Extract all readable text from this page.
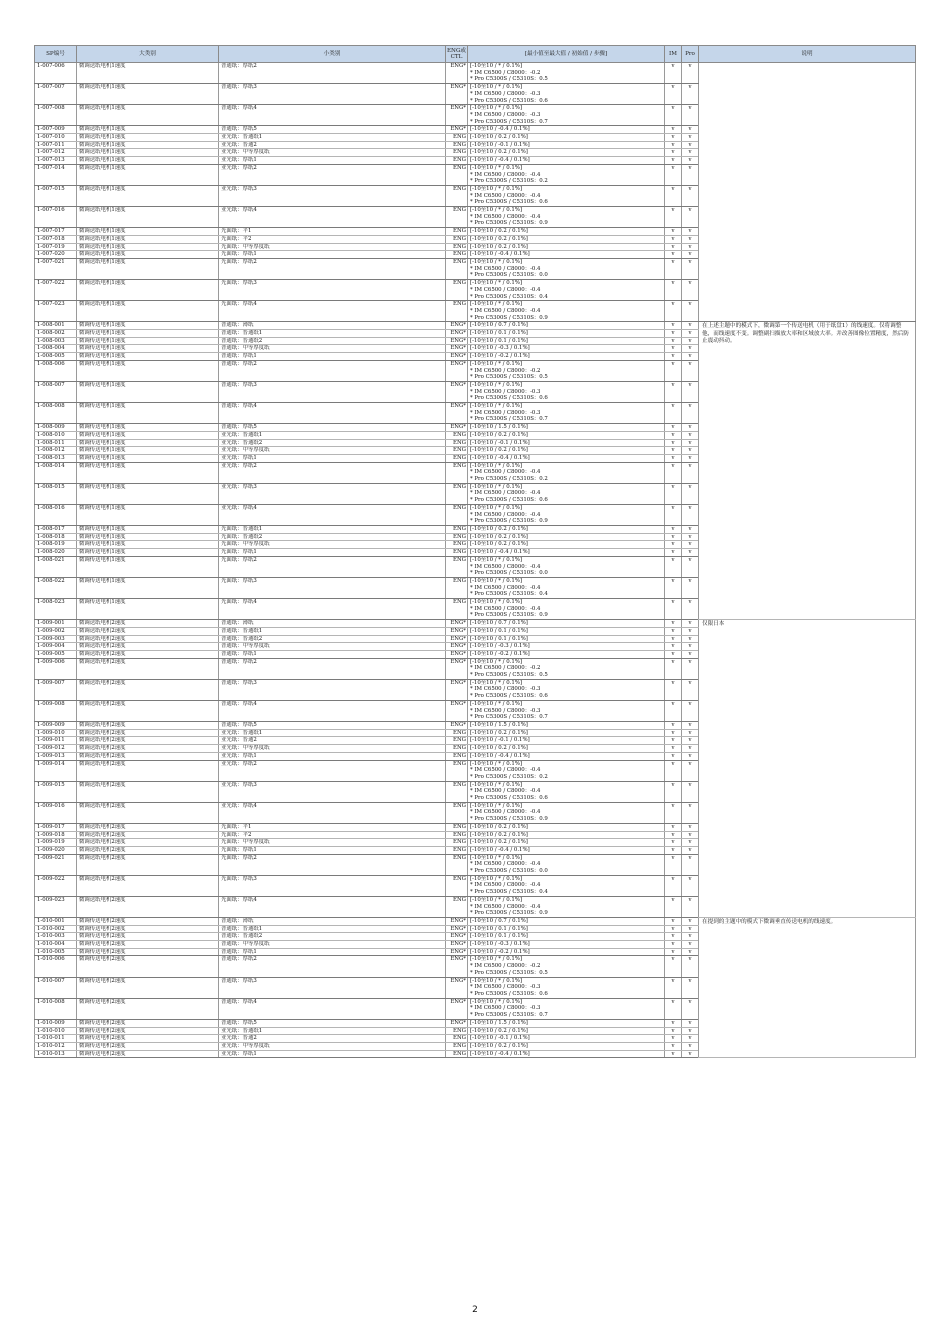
SP编号	大类别	小类别	ENG或CTL	[最小值至最大值 / 初始值 / 步骤]	IM	Pro	说明
1-007-006	微调送纸电机1速度	普通纸：厚纸2	ENG*	[-10至10 / * / 0.1%]
* IM C6500 / C8000：-0.2
* Pro C5300S / C5310S：0.5	v	v	
1-007-007	微调送纸电机1速度	普通纸：厚纸3	ENG*	[-10至10 / * / 0.1%]
* IM C6500 / C8000：-0.3
* Pro C5300S / C5310S：0.6	v	v	
1-007-008	微调送纸电机1速度	普通纸：厚纸4	ENG*	[-10至10 / * / 0.1%]
* IM C6500 / C8000：-0.3
* Pro C5300S / C5310S：0.7	v	v	
1-007-009	微调送纸电机1速度	普通纸：厚纸5	ENG*	[-10至10 / -0.4 / 0.1%]	v	v	
1-007-010	微调送纸电机1速度	亚光纸：普通纸1	ENG	[-10至10 / 0.2 / 0.1%]	v	v	
1-007-011	微调送纸电机1速度	亚光纸：普通2	ENG	[-10至10 / -0.1 / 0.1%]	v	v	
1-007-012	微调送纸电机1速度	亚光纸：中等厚度纸	ENG	[-10至10 / 0.2 / 0.1%]	v	v	
1-007-013	微调送纸电机1速度	亚光纸：厚纸1	ENG	[-10至10 / -0.4 / 0.1%]	v	v	
1-007-014	微调送纸电机1速度	亚光纸：厚纸2	ENG	[-10至10 / * / 0.1%]
* IM C6500 / C8000：-0.4
* Pro C5300S / C5310S：0.2	v	v	
1-007-015	微调送纸电机1速度	亚光纸：厚纸3	ENG	[-10至10 / * / 0.1%]
* IM C6500 / C8000：-0.4
* Pro C5300S / C5310S：0.6	v	v	
1-007-016	微调送纸电机1速度	亚光纸：厚纸4	ENG	[-10至10 / * / 0.1%]
* IM C6500 / C8000：-0.4
* Pro C5300S / C5310S：0.9	v	v	
1-007-017	微调送纸电机1速度	光面纸：平1	ENG	[-10至10 / 0.2 / 0.1%]	v	v	
1-007-018	微调送纸电机1速度	光面纸：平2	ENG	[-10至10 / 0.2 / 0.1%]	v	v	
1-007-019	微调送纸电机1速度	光面纸：中等厚度纸	ENG	[-10至10 / 0.2 / 0.1%]	v	v	
1-007-020	微调送纸电机1速度	光面纸：厚纸1	ENG	[-10至10 / -0.4 / 0.1%]	v	v	
1-007-021	微调送纸电机1速度	光面纸：厚纸2	ENG	[-10至10 / * / 0.1%]
* IM C6500 / C8000：-0.4
* Pro C5300S / C5310S：0.0	v	v	
1-007-022	微调送纸电机1速度	光面纸：厚纸3	ENG	[-10至10 / * / 0.1%]
* IM C6500 / C8000：-0.4
* Pro C5300S / C5310S：0.4	v	v	
1-007-023	微调送纸电机1速度	光面纸：厚纸4	ENG	[-10至10 / * / 0.1%]
* IM C6500 / C8000：-0.4
* Pro C5300S / C5310S：0.9	v	v	
1-008-001	微调传送电机1速度	普通纸：薄纸	ENG*	[-10至10 / 0.7 / 0.1%]	v	v	在上述主题中的模式下，微调第一个传送电机（用于纸盘1）的线速度。仅将调整他，而线速度不变。调整副扫描放大率和区域放大率。并改善图像位置精度，然后防止震动抖动。
1-008-002	微调传送电机1速度	普通纸：普通纸1	ENG*	[-10至10 / 0.1 / 0.1%]	v	v	
1-008-003	微调传送电机1速度	普通纸：普通纸2	ENG*	[-10至10 / 0.1 / 0.1%]	v	v	
1-008-004	微调传送电机1速度	普通纸：中等厚度纸	ENG*	[-10至10 / -0.3 / 0.1%]	v	v	
1-008-005	微调传送电机1速度	普通纸：厚纸1	ENG*	[-10至10 / -0.2 / 0.1%]	v	v	
1-008-006	微调传送电机1速度	普通纸：厚纸2	ENG*	[-10至10 / * / 0.1%]
* IM C6500 / C8000：-0.2
* Pro C5300S / C5310S：0.5	v	v	
1-008-007	微调传送电机1速度	普通纸：厚纸3	ENG*	[-10至10 / * / 0.1%]
* IM C6500 / C8000：-0.3
* Pro C5300S / C5310S：0.6	v	v	
1-008-008	微调传送电机1速度	普通纸：厚纸4	ENG*	[-10至10 / * / 0.1%]
* IM C6500 / C8000：-0.3
* Pro C5300S / C5310S：0.7	v	v	
1-008-009	微调传送电机1速度	普通纸：厚纸5	ENG*	[-10至10 / 1.5 / 0.1%]	v	v	
1-008-010	微调传送电机1速度	亚光纸：普通纸1	ENG	[-10至10 / 0.2 / 0.1%]	v	v	
1-008-011	微调传送电机1速度	亚光纸：普通纸2	ENG	[-10至10 / -0.1 / 0.1%]	v	v	
1-008-012	微调传送电机1速度	亚光纸：中等厚度纸	ENG	[-10至10 / 0.2 / 0.1%]	v	v	
1-008-013	微调传送电机1速度	亚光纸：厚纸1	ENG	[-10至10 / -0.4 / 0.1%]	v	v	
1-008-014	微调传送电机1速度	亚光纸：厚纸2	ENG	[-10至10 / * / 0.1%]
* IM C6500 / C8000：-0.4
* Pro C5300S / C5310S：0.2	v	v	
1-008-015	微调传送电机1速度	亚光纸：厚纸3	ENG	[-10至10 / * / 0.1%]
* IM C6500 / C8000：-0.4
* Pro C5300S / C5310S：0.6	v	v	
1-008-016	微调传送电机1速度	亚光纸：厚纸4	ENG	[-10至10 / * / 0.1%]
* IM C6500 / C8000：-0.4
* Pro C5300S / C5310S：0.9	v	v	
1-008-017	微调传送电机1速度	光面纸：普通纸1	ENG	[-10至10 / 0.2 / 0.1%]	v	v	
1-008-018	微调传送电机1速度	光面纸：普通纸2	ENG	[-10至10 / 0.2 / 0.1%]	v	v	
1-008-019	微调传送电机1速度	光面纸：中等厚度纸	ENG	[-10至10 / 0.2 / 0.1%]	v	v	
1-008-020	微调传送电机1速度	光面纸：厚纸1	ENG	[-10至10 / -0.4 / 0.1%]	v	v	
1-008-021	微调传送电机1速度	光面纸：厚纸2	ENG	[-10至10 / * / 0.1%]
* IM C6500 / C8000：-0.4
* Pro C5300S / C5310S：0.0	v	v	
1-008-022	微调传送电机1速度	光面纸：厚纸3	ENG	[-10至10 / * / 0.1%]
* IM C6500 / C8000：-0.4
* Pro C5300S / C5310S：0.4	v	v	
1-008-023	微调传送电机1速度	光面纸：厚纸4	ENG	[-10至10 / * / 0.1%]
* IM C6500 / C8000：-0.4
* Pro C5300S / C5310S：0.9	v	v	
1-009-001	微调送纸电机2速度	普通纸：薄纸	ENG*	[-10至10 / 0.7 / 0.1%]	v	v	仅限日本
1-009-002	微调送纸电机2速度	普通纸：普通纸1	ENG*	[-10至10 / 0.1 / 0.1%]	v	v	
1-009-003	微调送纸电机2速度	普通纸：普通纸2	ENG*	[-10至10 / 0.1 / 0.1%]	v	v	
1-009-004	微调送纸电机2速度	普通纸：中等厚度纸	ENG*	[-10至10 / -0.3 / 0.1%]	v	v	
1-009-005	微调送纸电机2速度	普通纸：厚纸1	ENG*	[-10至10 / -0.2 / 0.1%]	v	v	
1-009-006	微调送纸电机2速度	普通纸：厚纸2	ENG*	[-10至10 / * / 0.1%]
* IM C6500 / C8000：-0.2
* Pro C5300S / C5310S：0.5	v	v	
1-009-007	微调送纸电机2速度	普通纸：厚纸3	ENG*	[-10至10 / * / 0.1%]
* IM C6500 / C8000：-0.3
* Pro C5300S / C5310S：0.6	v	v	
1-009-008	微调送纸电机2速度	普通纸：厚纸4	ENG*	[-10至10 / * / 0.1%]
* IM C6500 / C8000：-0.3
* Pro C5300S / C5310S：0.7	v	v	
1-009-009	微调送纸电机2速度	普通纸：厚纸5	ENG*	[-10至10 / 1.5 / 0.1%]	v	v	
1-009-010	微调送纸电机2速度	亚光纸：普通纸1	ENG	[-10至10 / 0.2 / 0.1%]	v	v	
1-009-011	微调送纸电机2速度	亚光纸：普通2	ENG	[-10至10 / -0.1 / 0.1%]	v	v	
1-009-012	微调送纸电机2速度	亚光纸：中等厚度纸	ENG	[-10至10 / 0.2 / 0.1%]	v	v	
1-009-013	微调送纸电机2速度	亚光纸：厚纸1	ENG	[-10至10 / -0.4 / 0.1%]	v	v	
1-009-014	微调送纸电机2速度	亚光纸：厚纸2	ENG	[-10至10 / * / 0.1%]
* IM C6500 / C8000：-0.4
* Pro C5300S / C5310S：0.2	v	v	
1-009-015	微调送纸电机2速度	亚光纸：厚纸3	ENG	[-10至10 / * / 0.1%]
* IM C6500 / C8000：-0.4
* Pro C5300S / C5310S：0.6	v	v	
1-009-016	微调送纸电机2速度	亚光纸：厚纸4	ENG	[-10至10 / * / 0.1%]
* IM C6500 / C8000：-0.4
* Pro C5300S / C5310S：0.9	v	v	
1-009-017	微调送纸电机2速度	光面纸：平1	ENG	[-10至10 / 0.2 / 0.1%]	v	v	
1-009-018	微调送纸电机2速度	光面纸：平2	ENG	[-10至10 / 0.2 / 0.1%]	v	v	
1-009-019	微调送纸电机2速度	光面纸：中等厚度纸	ENG	[-10至10 / 0.2 / 0.1%]	v	v	
1-009-020	微调送纸电机2速度	光面纸：厚纸1	ENG	[-10至10 / -0.4 / 0.1%]	v	v	
1-009-021	微调送纸电机2速度	光面纸：厚纸2	ENG	[-10至10 / * / 0.1%]
* IM C6500 / C8000：-0.4
* Pro C5300S / C5310S：0.0	v	v	
1-009-022	微调送纸电机2速度	光面纸：厚纸3	ENG	[-10至10 / * / 0.1%]
* IM C6500 / C8000：-0.4
* Pro C5300S / C5310S：0.4	v	v	
1-009-023	微调送纸电机2速度	光面纸：厚纸4	ENG	[-10至10 / * / 0.1%]
* IM C6500 / C8000：-0.4
* Pro C5300S / C5310S：0.9	v	v	
1-010-001	微调传送电机2速度	普通纸：薄纸	ENG*	[-10至10 / 0.7 / 0.1%]	v	v	在提到的主题中的模式下微调垂直传送电机的线速度。
1-010-002	微调传送电机2速度	普通纸：普通纸1	ENG*	[-10至10 / 0.1 / 0.1%]	v	v	
1-010-003	微调传送电机2速度	普通纸：普通纸2	ENG*	[-10至10 / 0.1 / 0.1%]	v	v	
1-010-004	微调传送电机2速度	普通纸：中等厚度纸	ENG*	[-10至10 / -0.3 / 0.1%]	v	v	
1-010-005	微调传送电机2速度	普通纸：厚纸1	ENG*	[-10至10 / -0.2 / 0.1%]	v	v	
1-010-006	微调传送电机2速度	普通纸：厚纸2	ENG*	[-10至10 / * / 0.1%]
* IM C6500 / C8000：-0.2
* Pro C5300S / C5310S：0.5	v	v	
1-010-007	微调传送电机2速度	普通纸：厚纸3	ENG*	[-10至10 / * / 0.1%]
* IM C6500 / C8000：-0.3
* Pro C5300S / C5310S：0.6	v	v	
1-010-008	微调传送电机2速度	普通纸：厚纸4	ENG*	[-10至10 / * / 0.1%]
* IM C6500 / C8000：-0.3
* Pro C5300S / C5310S：0.7	v	v	
1-010-009	微调传送电机2速度	普通纸：厚纸5	ENG*	[-10至10 / 1.5 / 0.1%]	v	v	
1-010-010	微调传送电机2速度	亚光纸：普通纸1	ENG	[-10至10 / 0.2 / 0.1%]	v	v	
1-010-011	微调传送电机2速度	亚光纸：普通2	ENG	[-10至10 / -0.1 / 0.1%]	v	v	
1-010-012	微调传送电机2速度	亚光纸：中等厚度纸	ENG	[-10至10 / 0.2 / 0.1%]	v	v	
1-010-013	微调传送电机2速度	亚光纸：厚纸1	ENG	[-10至10 / -0.4 / 0.1%]	v	v	
2
